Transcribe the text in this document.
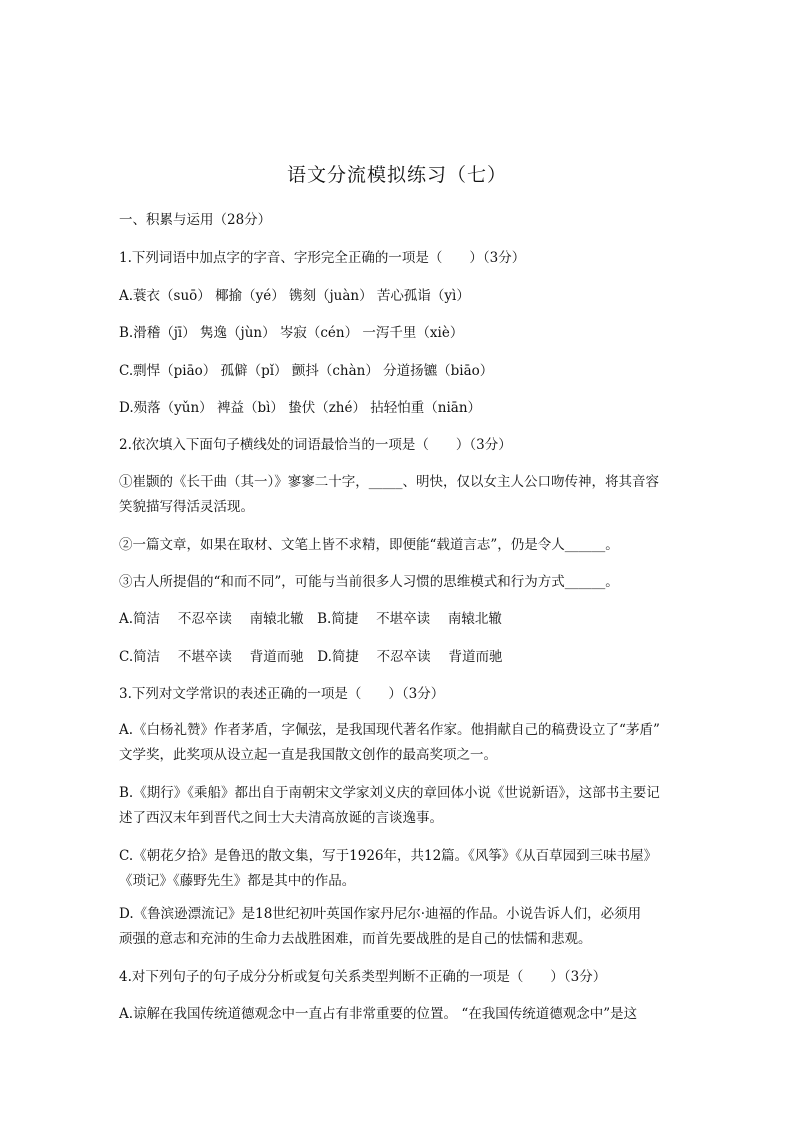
语文分流模拟练习（七）
一、积累与运用（28分）
1.下列词语中加点字的字音、字形完全正确的一项是（　　）（3分）
A.蓑衣（suō） 椰揄（yé） 镌刻（juàn） 苦心孤诣（yì）
B.滑稽（jī） 隽逸（jùn） 岑寂（cén） 一泻千里（xiè）
C.剽悍（piāo） 孤僻（pǐ） 颤抖（chàn） 分道扬镳（biāo）
D.殒落（yǔn） 裨益（bì） 蛰伏（zhé） 拈轻怕重（niān）
2.依次填入下面句子横线处的词语最恰当的一项是（　　）（3分）
①崔颢的《长干曲（其一）》寥寥二十字，_____、明快，仅以女主人公口吻传神，将其音容
笑貌描写得活灵活现。
②一篇文章，如果在取材、文笔上皆不求精，即便能“载道言志”，仍是令人______。
③古人所提倡的“和而不同”，可能与当前很多人习惯的思维模式和行为方式______。
A.简洁　 不忍卒读　 南辕北辙　B.简捷　 不堪卒读　 南辕北辙
C.简洁　 不堪卒读　 背道而驰　D.简捷　 不忍卒读　 背道而驰
3.下列对文学常识的表述正确的一项是（　　）（3分）
A.《白杨礼赞》作者茅盾，字佩弦，是我国现代著名作家。他捐献自己的稿费设立了“茅盾”
文学奖，此奖项从设立起一直是我国散文创作的最高奖项之一。
B.《期行》《乘船》都出自于南朝宋文学家刘义庆的章回体小说《世说新语》，这部书主要记
述了西汉末年到晋代之间士大夫清高放诞的言谈逸事。
C.《朝花夕拾》是鲁迅的散文集，写于1926年，共12篇。《风筝》《从百草园到三味书屋》
《琐记》《藤野先生》都是其中的作品。
D.《鲁滨逊漂流记》是18世纪初叶英国作家丹尼尔·迪福的作品。小说告诉人们，必须用
顽强的意志和充沛的生命力去战胜困难，而首先要战胜的是自己的怯懦和悲观。
4.对下列句子的句子成分分析或复句关系类型判断不正确的一项是（　　）（3分）
A.谅解在我国传统道德观念中一直占有非常重要的位置。 “在我国传统道德观念中”是这
